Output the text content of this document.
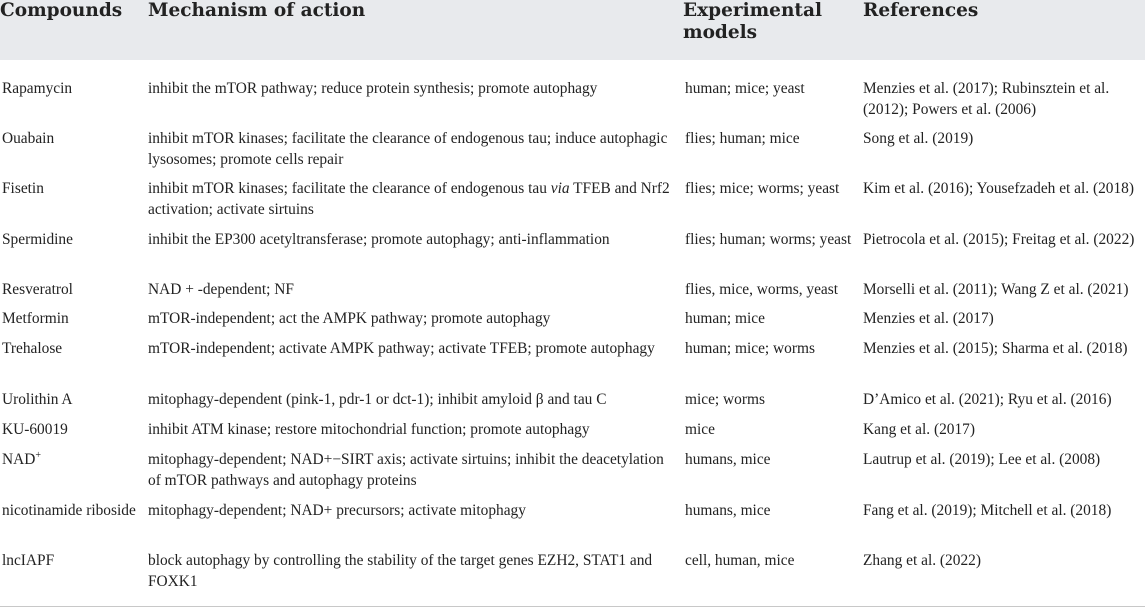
Compounds	Mechanism of action	Experimental models	References
Rapamycin	inhibit the mTOR pathway; reduce protein synthesis; promote autophagy	human; mice; yeast	Menzies et al. (2017); Rubinsztein et al. (2012); Powers et al. (2006)
Ouabain	inhibit mTOR kinases; facilitate the clearance of endogenous tau; induce autophagic lysosomes; promote cells repair	flies; human; mice	Song et al. (2019)
Fisetin	inhibit mTOR kinases; facilitate the clearance of endogenous tau via TFEB and Nrf2 activation; activate sirtuins	flies; mice; worms; yeast	Kim et al. (2016); Yousefzadeh et al. (2018)
Spermidine	inhibit the EP300 acetyltransferase; promote autophagy; anti-inflammation	flies; human; worms; yeast	Pietrocola et al. (2015); Freitag et al. (2022)
Resveratrol	NAD + -dependent; NF	flies, mice, worms, yeast	Morselli et al. (2011); Wang Z et al. (2021)
Metformin	mTOR-independent; act the AMPK pathway; promote autophagy	human; mice	Menzies et al. (2017)
Trehalose	mTOR-independent; activate AMPK pathway; activate TFEB; promote autophagy	human; mice; worms	Menzies et al. (2015); Sharma et al. (2018)
Urolithin A	mitophagy-dependent (pink-1, pdr-1 or dct-1); inhibit amyloid β and tau C	mice; worms	D’Amico et al. (2021); Ryu et al. (2016)
KU-60019	inhibit ATM kinase; restore mitochondrial function; promote autophagy	mice	Kang et al. (2017)
NAD+	mitophagy-dependent; NAD+−SIRT axis; activate sirtuins; inhibit the deacetylation of mTOR pathways and autophagy proteins	humans, mice	Lautrup et al. (2019); Lee et al. (2008)
nicotinamide riboside	mitophagy-dependent; NAD+ precursors; activate mitophagy	humans, mice	Fang et al. (2019); Mitchell et al. (2018)
lncIAPF	block autophagy by controlling the stability of the target genes EZH2, STAT1 and FOXK1	cell, human, mice	Zhang et al. (2022)
